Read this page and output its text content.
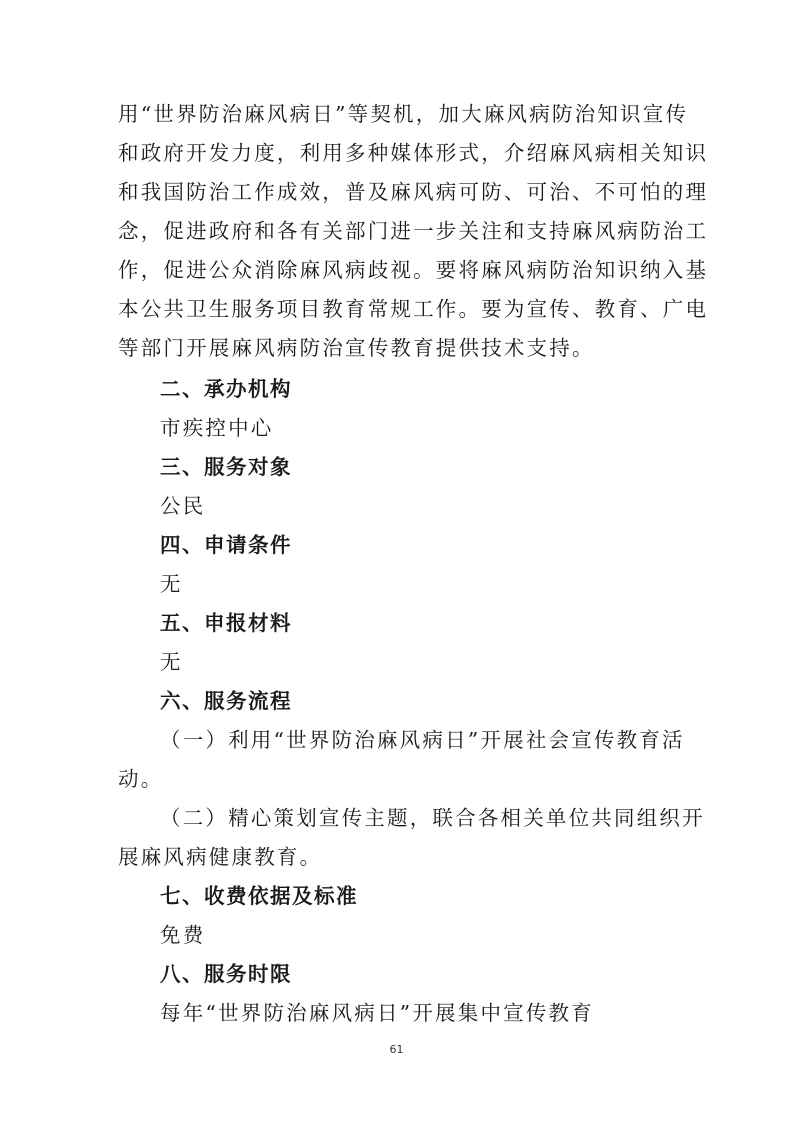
用“世界防治麻风病日”等契机，加大麻风病防治知识宣传
和政府开发力度，利用多种媒体形式，介绍麻风病相关知识
和我国防治工作成效，普及麻风病可防、可治、不可怕的理
念，促进政府和各有关部门进一步关注和支持麻风病防治工
作，促进公众消除麻风病歧视。要将麻风病防治知识纳入基
本公共卫生服务项目教育常规工作。要为宣传、教育、广电
等部门开展麻风病防治宣传教育提供技术支持。
二、承办机构
市疾控中心
三、服务对象
公民
四、申请条件
无
五、申报材料
无
六、服务流程
（一）利用“世界防治麻风病日”开展社会宣传教育活
动。
（二）精心策划宣传主题，联合各相关单位共同组织开
展麻风病健康教育。
七、收费依据及标准
免费
八、服务时限
每年“世界防治麻风病日”开展集中宣传教育
61
